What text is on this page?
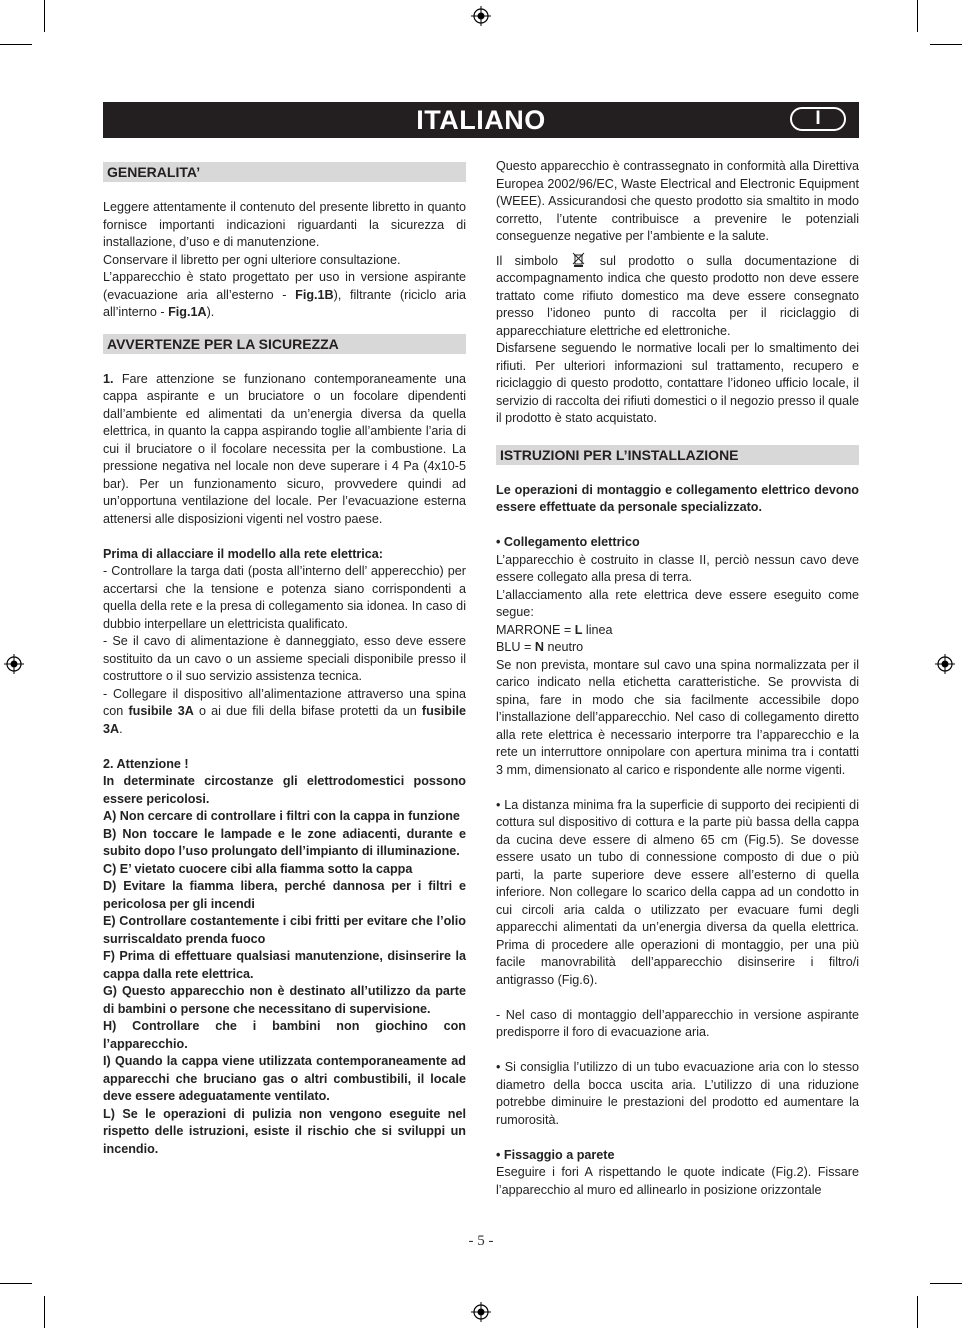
ITALIANO	I
GENERALITA’

Leggere attentamente il contenuto del presente libretto in quanto fornisce importanti indicazioni riguardanti la sicurezza di installazione, d’uso e di manutenzione.

Conservare il libretto per ogni ulteriore consultazione.

L’apparecchio è stato progettato per uso in versione aspirante (evacuazione aria all’esterno - Fig.1B), filtrante (riciclo aria all’interno - Fig.1A).

AVVERTENZE PER LA SICUREZZA

1. Fare attenzione se funzionano contemporaneamente una cappa aspirante e un bruciatore o un focolare dipendenti dall’ambiente ed alimentati da un’energia diversa da quella elettrica, in quanto la cappa aspirando toglie all’ambiente l’aria di cui il bruciatore o il focolare necessita per la combustione. La pressione negativa nel locale non deve superare i 4 Pa (4x10-5 bar). Per un funzionamento sicuro, provvedere quindi ad un’opportuna ventilazione del locale. Per l’evacuazione esterna attenersi alle disposizioni vigenti nel vostro paese.

Prima di allacciare il modello alla rete elettrica:

- Controllare la targa dati (posta all’interno dell’ apperecchio) per accertarsi che la tensione e potenza siano corrispondenti a quella della rete e la presa di collegamento sia idonea. In caso di dubbio interpellare un elettricista qualificato.

- Se il cavo di alimentazione è danneggiato, esso deve essere sostituito da un cavo o un assieme speciali disponibile presso il costruttore o il suo servizio assistenza tecnica.

- Collegare il dispositivo all’alimentazione attraverso una spina con fusibile 3A o ai due fili della bifase protetti da un fusibile 3A.

2. Attenzione !

In determinate circostanze gli elettrodomestici possono essere pericolosi.

A) Non cercare di controllare i filtri con la cappa in funzione

B) Non toccare le lampade e le zone adiacenti, durante e subito dopo l’uso prolungato dell’impianto di illuminazione.

C) E’ vietato cuocere cibi alla fiamma sotto la cappa

D) Evitare la fiamma libera, perché dannosa per i filtri e pericolosa per gli incendi

E) Controllare costantemente i cibi fritti per evitare che l’olio surriscaldato prenda fuoco

F) Prima di effettuare qualsiasi manutenzione, disinserire la cappa dalla rete elettrica.

G) Questo apparecchio non è destinato all’utilizzo da parte di bambini o persone che necessitano di supervisione.

H) Controllare che i bambini non giochino con l’apparecchio.

I) Quando la cappa viene utilizzata contemporaneamente ad apparecchi che bruciano gas o altri combustibili, il locale deve essere adeguatamente ventilato.

L) Se le operazioni di pulizia non vengono eseguite nel rispetto delle istruzioni, esiste il rischio che si sviluppi un incendio.

Questo apparecchio è contrassegnato in conformità alla Direttiva Europea 2002/96/EC, Waste Electrical and Electronic Equipment (WEEE). Assicurandosi che questo prodotto sia smaltito in modo corretto, l’utente contribuisce a prevenire le potenziali conseguenze negative per l’ambiente e la salute.

Il simbolo	sul prodotto o sulla documentazione di accompagnamento indica che questo prodotto non deve essere trattato come rifiuto domestico ma deve essere consegnato presso l’idoneo punto di raccolta per il riciclaggio di apparecchiature elettriche ed elettroniche.

Disfarsene seguendo le normative locali per lo smaltimento dei rifiuti. Per ulteriori informazioni sul trattamento, recupero e riciclaggio di questo prodotto, contattare l’idoneo ufficio locale, il servizio di raccolta dei rifiuti domestici o il negozio presso il quale il prodotto è stato acquistato.

ISTRUZIONI PER L’INSTALLAZIONE

Le operazioni di montaggio e collegamento elettrico devono essere effettuate da personale specializzato.

• Collegamento elettrico

L’apparecchio è costruito in classe II, perciò nessun cavo deve essere collegato alla presa di terra.

L’allacciamento alla rete elettrica deve essere eseguito come segue:

MARRONE = L linea

BLU = N neutro

Se non prevista, montare sul cavo una spina normalizzata per il carico indicato nella etichetta caratteristiche. Se provvista di spina, fare in modo che sia facilmente accessibile dopo l’installazione dell’apparecchio. Nel caso di collegamento diretto alla rete elettrica è necessario interporre tra l’apparecchio e la rete un interruttore onnipolare con apertura minima tra i contatti 3 mm, dimensionato al carico e rispondente alle norme vigenti.

• La distanza minima fra la superficie di supporto dei recipienti di cottura sul dispositivo di cottura e la parte più bassa della cappa da cucina deve essere di almeno 65 cm (Fig.5). Se dovesse essere usato un tubo di connessione composto di due o più parti, la parte superiore deve essere all’esterno di quella inferiore. Non collegare lo scarico della cappa ad un condotto in cui circoli aria calda o utilizzato per evacuare fumi degli apparecchi alimentati da un’energia diversa da quella elettrica. Prima di procedere alle operazioni di montaggio, per una più facile manovrabilità dell’apparecchio disinserire i filtro/i antigrasso (Fig.6).

- Nel caso di montaggio dell’apparecchio in versione aspirante predisporre il foro di evacuazione aria.

• Si consiglia l’utilizzo di un tubo evacuazione aria con lo stesso diametro della bocca uscita aria. L’utilizzo di una riduzione potrebbe diminuire le prestazioni del prodotto ed aumentare la rumorosità.

• Fissaggio a parete

Eseguire i fori A rispettando le quote indicate (Fig.2). Fissare l’apparecchio al muro ed allinearlo in posizione orizzontale

- 5 -
